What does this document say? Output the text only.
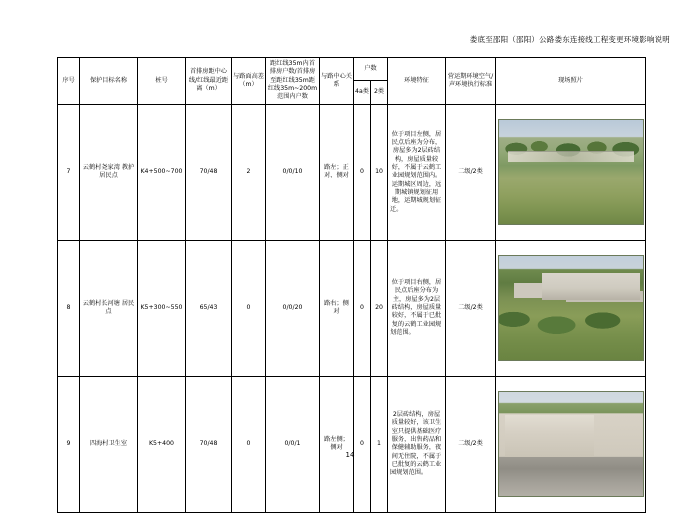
娄底至邵阳（邵阳）公路娄东连接线工程变更环境影响说明
序号	保护目标名称	桩号	首排房距中心线/红线最近距离（m）	与路面高差（m）	距红线35m内首排房户数/首排房至距红线35m距红线35m~200m范围内户数	与路中心关系	户数		环境特征	营运期环境空气/声环境执行标准	现场照片
							4a类	2类			
7	云鹤村尧家湾 教护居民点	K4+500~700	70/48	2	0/0/10	路左；正对、侧对	0	10	位于项目左侧，居民点后座为分布，房屋多为2层砖结构，房屋质量较好，不属于云鹤工业园规划范围内。运期城区周边，远期城镇规划征用地，运期城规划征迁。	二级/2类	

8	云鹤村长河塘 居民点	K5+300~550	65/43	0	0/0/20	路右；侧对	0	20	位于项目右侧，居民点后座分布为主，房屋多为2层砖结构，房屋质量较好，不属于已批复的云鹤工业园规划范围。	二级/2类	

9	四海村卫生室	K5+400	70/48	0	0/0/1	路左侧；侧对	0	1	2层砖结构，房屋质量较好，该卫生室只提供基础医疗服务，出售药品和保健辅助服务，夜间无住院，不属于已批复的云鹤工业园规划范围。	二级/2类	
14
